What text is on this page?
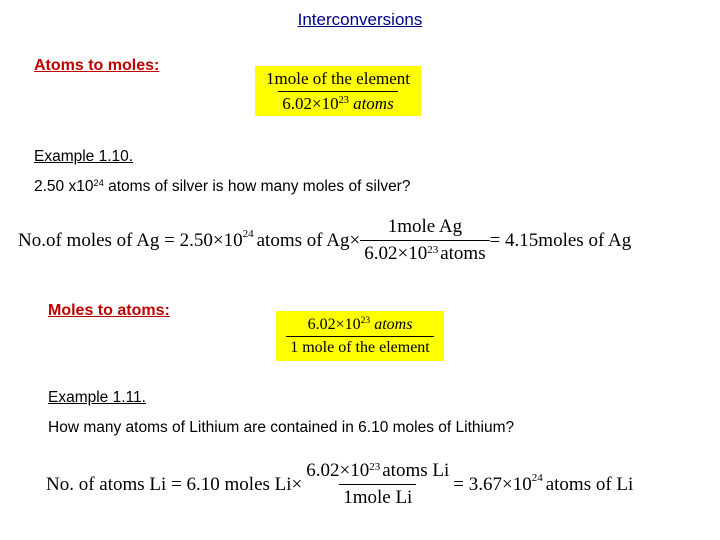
Interconversions
Atoms to moles:
$\frac{\text{1mole of the element}}{6.02\times 10^{23} atoms}$
Example 1.10.
2.50 $x10^{24}$ atoms of silver is how many moles of silver?
No.of moles of $Ag = 2.50\times 10^{24}$ atoms of $Ag\times \frac{\text{1mole Ag}}{6.02\times 10^{23} atoms}$ = 4.15moles of Ag
Moles to atoms:
$\frac{6.02\times 10^{23} atoms}{\text{1 mole of the element}}$
Example 1.11.
How many atoms of Lithium are contained in 6.10 moles of Lithium?
No. of atoms Li = 6.10 moles $Li\times \frac{6.02\times 10^{23} atoms Li}{\text{1mole Li}} = 3.67\times 10^{24}$ atoms of Li
